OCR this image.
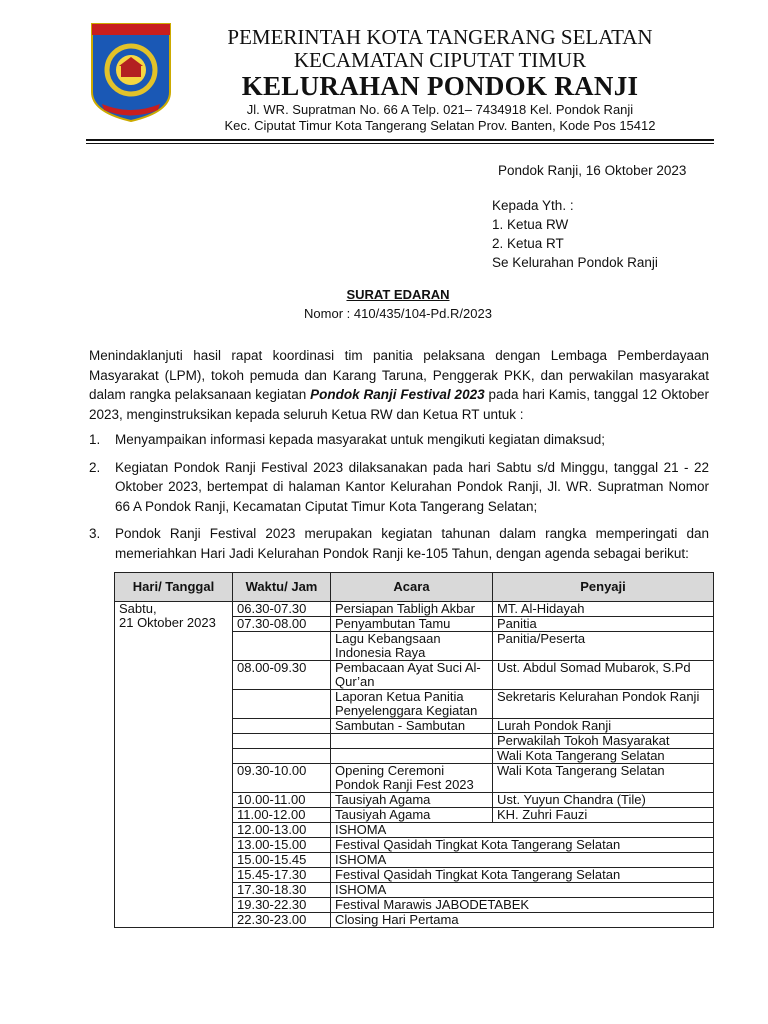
PEMERINTAH KOTA TANGERANG SELATAN
KECAMATAN CIPUTAT TIMUR
KELURAHAN PONDOK RANJI
Jl. WR. Supratman No. 66 A Telp. 021– 7434918 Kel. Pondok Ranji
Kec. Ciputat Timur Kota Tangerang Selatan Prov. Banten, Kode Pos 15412
Pondok Ranji, 16 Oktober 2023
Kepada Yth. :
1. Ketua RW
2. Ketua RT
Se Kelurahan Pondok Ranji
SURAT EDARAN
Nomor : 410/435/104-Pd.R/2023
Menindaklanjuti hasil rapat koordinasi tim panitia pelaksana dengan Lembaga Pemberdayaan Masyarakat (LPM), tokoh pemuda dan Karang Taruna, Penggerak PKK, dan perwakilan masyarakat dalam rangka pelaksanaan kegiatan Pondok Ranji Festival 2023 pada hari Kamis, tanggal 12 Oktober 2023, menginstruksikan kepada seluruh Ketua RW dan Ketua RT untuk :
1. Menyampaikan informasi kepada masyarakat untuk mengikuti kegiatan dimaksud;
2. Kegiatan Pondok Ranji Festival 2023 dilaksanakan pada hari Sabtu s/d Minggu, tanggal 21 - 22 Oktober 2023, bertempat di halaman Kantor Kelurahan Pondok Ranji, Jl. WR. Supratman Nomor 66 A Pondok Ranji, Kecamatan Ciputat Timur Kota Tangerang Selatan;
3. Pondok Ranji Festival 2023 merupakan kegiatan tahunan dalam rangka memperingati dan memeriahkan Hari Jadi Kelurahan Pondok Ranji ke-105 Tahun, dengan agenda sebagai berikut:
Hari/ Tanggal	Waktu/ Jam	Acara	Penyaji
Sabtu,
21 Oktober 2023	06.30-07.30	Persiapan Tabligh Akbar	MT. Al-Hidayah
	07.30-08.00	Penyambutan Tamu	Panitia
		Lagu Kebangsaan Indonesia Raya	Panitia/Peserta
	08.00-09.30	Pembacaan Ayat Suci Al-Qur’an	Ust. Abdul Somad Mubarok, S.Pd
		Laporan Ketua Panitia Penyelenggara Kegiatan	Sekretaris Kelurahan Pondok Ranji
		Sambutan - Sambutan	Lurah Pondok Ranji
			Perwakilah Tokoh Masyarakat
			Wali Kota Tangerang Selatan
	09.30-10.00	Opening Ceremoni Pondok Ranji Fest 2023	Wali Kota Tangerang Selatan
	10.00-11.00	Tausiyah Agama	Ust. Yuyun Chandra (Tile)
	11.00-12.00	Tausiyah Agama	KH. Zuhri Fauzi
	12.00-13.00	ISHOMA	
	13.00-15.00	Festival Qasidah Tingkat Kota Tangerang Selatan	
	15.00-15.45	ISHOMA	
	15.45-17.30	Festival Qasidah Tingkat Kota Tangerang Selatan	
	17.30-18.30	ISHOMA	
	19.30-22.30	Festival Marawis JABODETABEK	
	22.30-23.00	Closing Hari Pertama	
